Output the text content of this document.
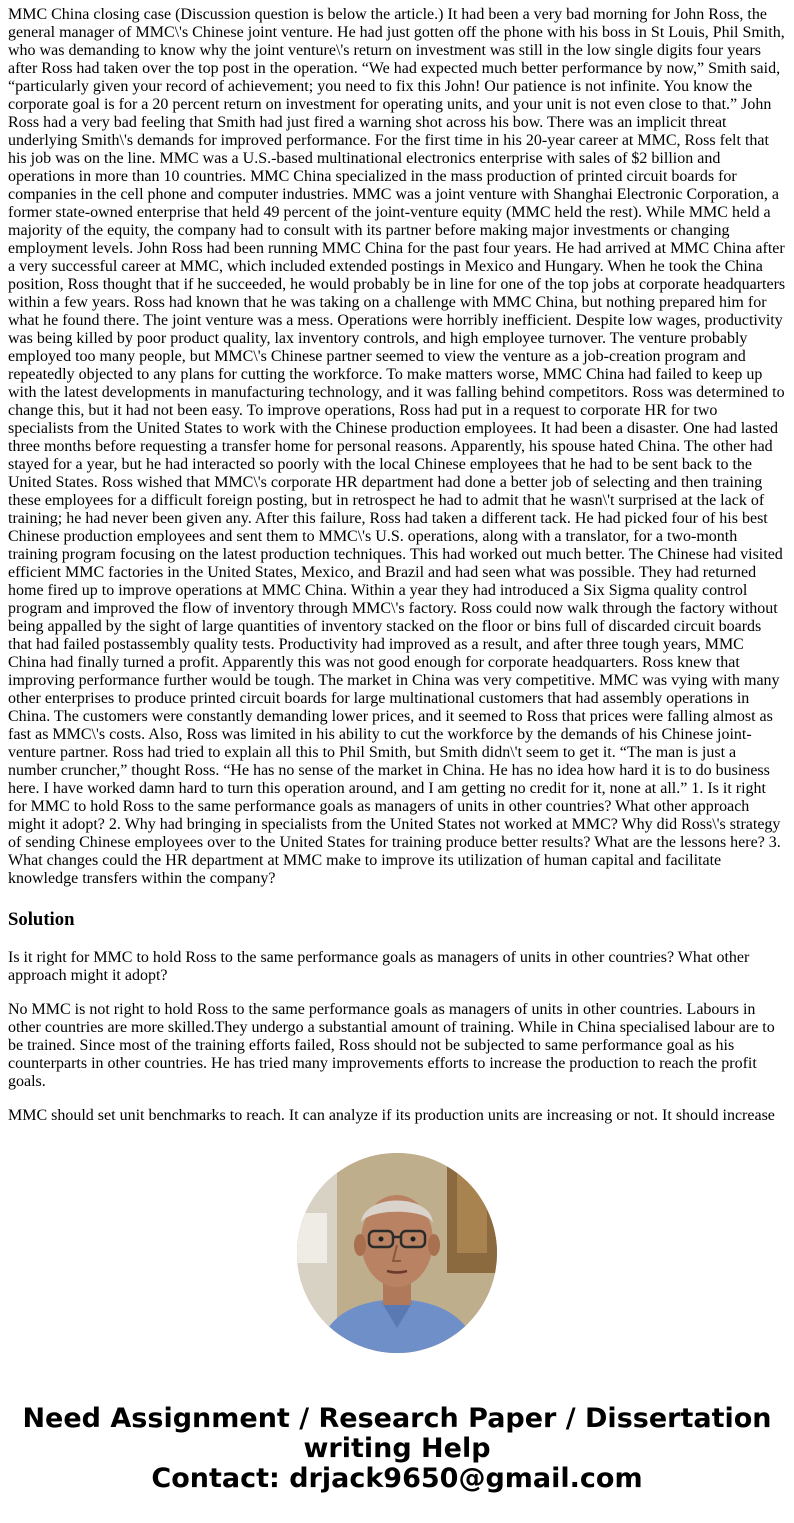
MMC China closing case (Discussion question is below the article.) It had been a very bad morning for John Ross, the general manager of MMC\'s Chinese joint venture. He had just gotten off the phone with his boss in St Louis, Phil Smith, who was demanding to know why the joint venture\'s return on investment was still in the low single digits four years after Ross had taken over the top post in the operation. “We had expected much better performance by now,” Smith said, “particularly given your record of achievement; you need to fix this John! Our patience is not infinite. You know the corporate goal is for a 20 percent return on investment for operating units, and your unit is not even close to that.” John Ross had a very bad feeling that Smith had just fired a warning shot across his bow. There was an implicit threat underlying Smith\'s demands for improved performance. For the first time in his 20-year career at MMC, Ross felt that his job was on the line. MMC was a U.S.-based multinational electronics enterprise with sales of $2 billion and operations in more than 10 countries. MMC China specialized in the mass production of printed circuit boards for companies in the cell phone and computer industries. MMC was a joint venture with Shanghai Electronic Corporation, a former state-owned enterprise that held 49 percent of the joint-venture equity (MMC held the rest). While MMC held a majority of the equity, the company had to consult with its partner before making major investments or changing employment levels. John Ross had been running MMC China for the past four years. He had arrived at MMC China after a very successful career at MMC, which included extended postings in Mexico and Hungary. When he took the China position, Ross thought that if he succeeded, he would probably be in line for one of the top jobs at corporate headquarters within a few years. Ross had known that he was taking on a challenge with MMC China, but nothing prepared him for what he found there. The joint venture was a mess. Operations were horribly inefficient. Despite low wages, productivity was being killed by poor product quality, lax inventory controls, and high employee turnover. The venture probably employed too many people, but MMC\'s Chinese partner seemed to view the venture as a job-creation program and repeatedly objected to any plans for cutting the workforce. To make matters worse, MMC China had failed to keep up with the latest developments in manufacturing technology, and it was falling behind competitors. Ross was determined to change this, but it had not been easy. To improve operations, Ross had put in a request to corporate HR for two specialists from the United States to work with the Chinese production employees. It had been a disaster. One had lasted three months before requesting a transfer home for personal reasons. Apparently, his spouse hated China. The other had stayed for a year, but he had interacted so poorly with the local Chinese employees that he had to be sent back to the United States. Ross wished that MMC\'s corporate HR department had done a better job of selecting and then training these employees for a difficult foreign posting, but in retrospect he had to admit that he wasn\'t surprised at the lack of training; he had never been given any. After this failure, Ross had taken a different tack. He had picked four of his best Chinese production employees and sent them to MMC\'s U.S. operations, along with a translator, for a two-month training program focusing on the latest production techniques. This had worked out much better. The Chinese had visited efficient MMC factories in the United States, Mexico, and Brazil and had seen what was possible. They had returned home fired up to improve operations at MMC China. Within a year they had introduced a Six Sigma quality control program and improved the flow of inventory through MMC\'s factory. Ross could now walk through the factory without being appalled by the sight of large quantities of inventory stacked on the floor or bins full of discarded circuit boards that had failed postassembly quality tests. Productivity had improved as a result, and after three tough years, MMC China had finally turned a profit. Apparently this was not good enough for corporate headquarters. Ross knew that improving performance further would be tough. The market in China was very competitive. MMC was vying with many other enterprises to produce printed circuit boards for large multinational customers that had assembly operations in China. The customers were constantly demanding lower prices, and it seemed to Ross that prices were falling almost as fast as MMC\'s costs. Also, Ross was limited in his ability to cut the workforce by the demands of his Chinese joint-venture partner. Ross had tried to explain all this to Phil Smith, but Smith didn\'t seem to get it. “The man is just a number cruncher,” thought Ross. “He has no sense of the market in China. He has no idea how hard it is to do business here. I have worked damn hard to turn this operation around, and I am getting no credit for it, none at all.” 1. Is it right for MMC to hold Ross to the same performance goals as managers of units in other countries? What other approach might it adopt? 2. Why had bringing in specialists from the United States not worked at MMC? Why did Ross\'s strategy of sending Chinese employees over to the United States for training produce better results? What are the lessons here? 3. What changes could the HR department at MMC make to improve its utilization of human capital and facilitate knowledge transfers within the company?

Solution

Is it right for MMC to hold Ross to the same performance goals as managers of units in other countries? What other approach might it adopt?

No MMC is not right to hold Ross to the same performance goals as managers of units in other countries. Labours in other countries are more skilled.They undergo a substantial amount of training. While in China specialised labour are to be trained. Since most of the training efforts failed, Ross should not be subjected to same performance goal as his counterparts in other countries. He has tried many improvements efforts to increase the production to reach the profit goals.

MMC should set unit benchmarks to reach. It can analyze if its production units are increasing or not. It should increase

Need Assignment / Research Paper / Dissertation
writing Help
Contact: drjack9650@gmail.com
